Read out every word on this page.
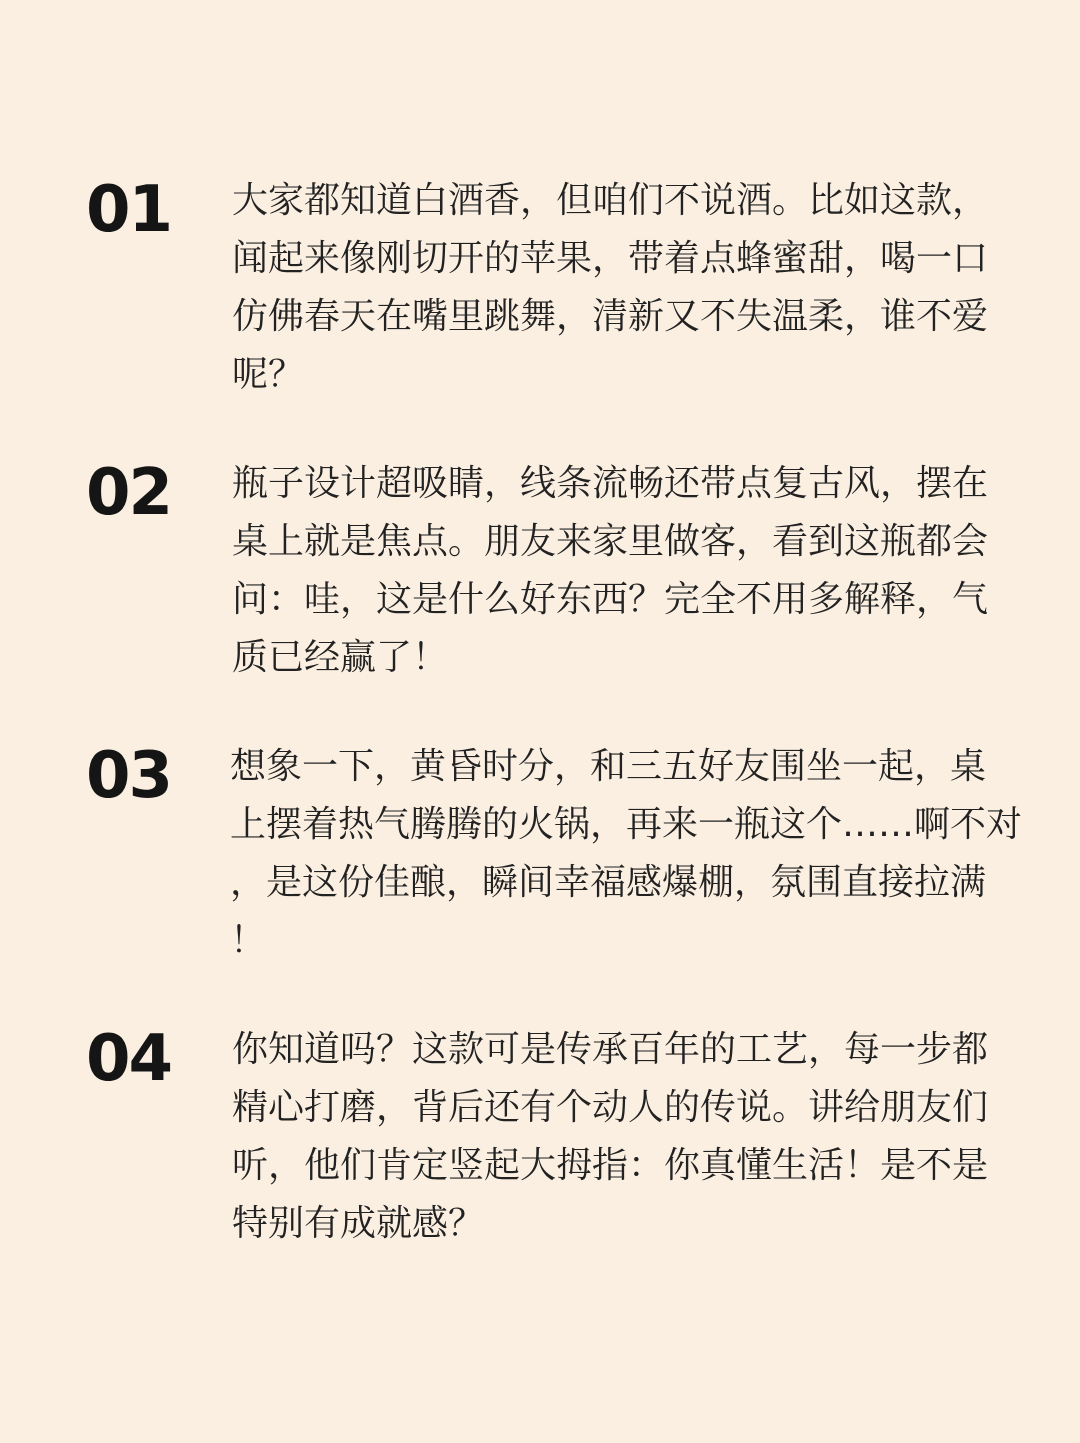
01 大家都知道白酒香，但咱们不说酒。比如这款，
闻起来像刚切开的苹果，带着点蜂蜜甜，喝一口
仿佛春天在嘴里跳舞，清新又不失温柔，谁不爱
呢？

02 瓶子设计超吸睛，线条流畅还带点复古风，摆在
桌上就是焦点。朋友来家里做客，看到这瓶都会
问：哇，这是什么好东西？完全不用多解释，气
质已经赢了！

03 想象一下，黄昏时分，和三五好友围坐一起，桌
上摆着热气腾腾的火锅，再来一瓶这个……啊不对
，是这份佳酿，瞬间幸福感爆棚，氛围直接拉满
！

04 你知道吗？这款可是传承百年的工艺，每一步都
精心打磨，背后还有个动人的传说。讲给朋友们
听，他们肯定竖起大拇指：你真懂生活！是不是
特别有成就感？
